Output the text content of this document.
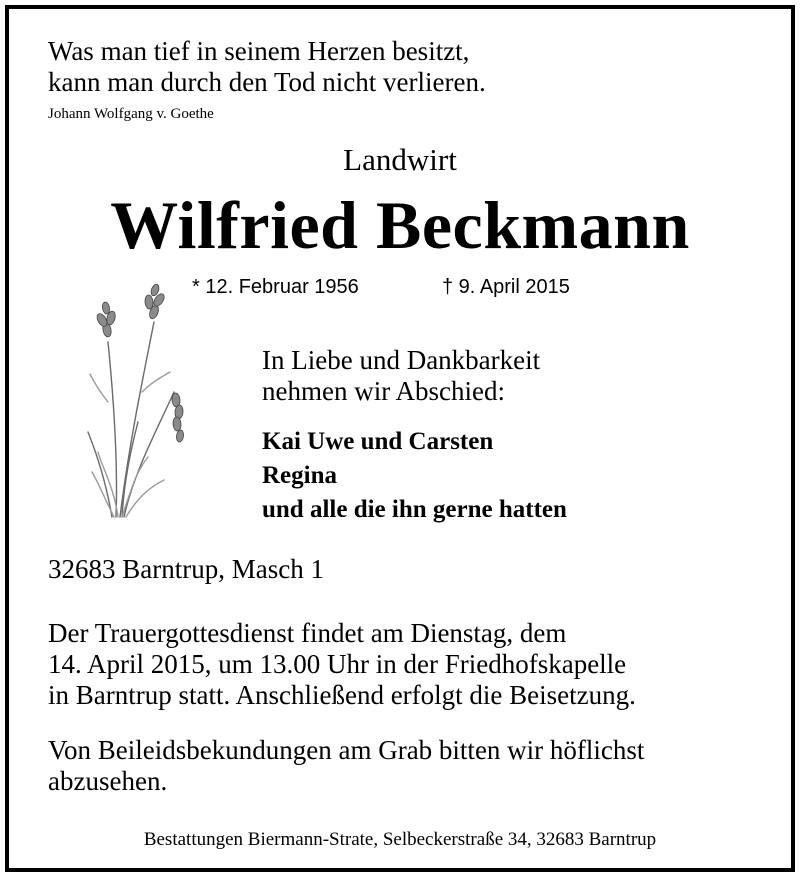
Was man tief in seinem Herzen besitzt,
kann man durch den Tod nicht verlieren.
Johann Wolfgang v. Goethe
Landwirt
Wilfried Beckmann
* 12. Februar 1956	† 9. April 2015
In Liebe und Dankbarkeit
nehmen wir Abschied:
Kai Uwe und Carsten
Regina
und alle die ihn gerne hatten
32683 Barntrup, Masch 1
Der Trauergottesdienst findet am Dienstag, dem
14. April 2015, um 13.00 Uhr in der Friedhofskapelle
in Barntrup statt. Anschließend erfolgt die Beisetzung.
Von Beileidsbekundungen am Grab bitten wir höflichst
abzusehen.
Bestattungen Biermann-Strate, Selbeckerstraße 34, 32683 Barntrup
